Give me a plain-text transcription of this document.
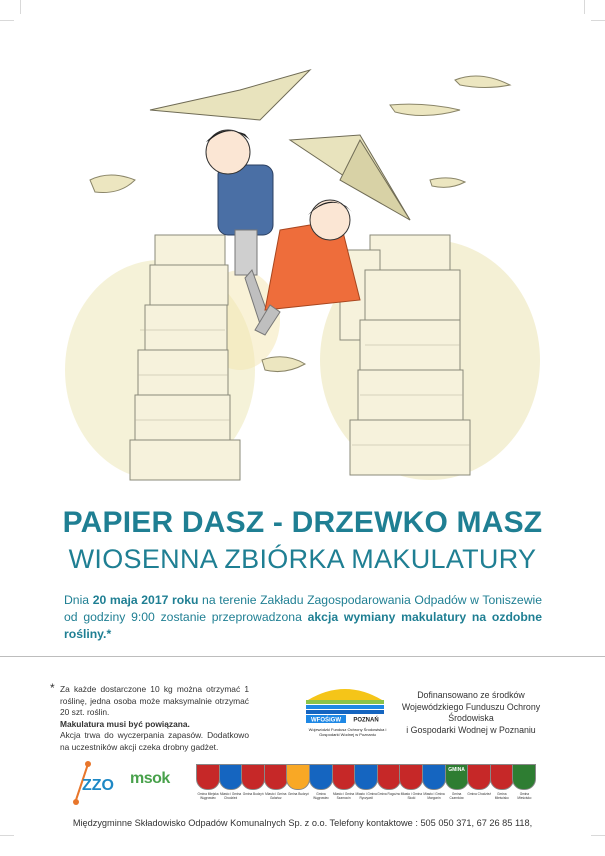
PAPIER DASZ - DRZEWKO MASZ
WIOSENNA ZBIÓRKA MAKULATURY
Dnia 20 maja 2017 roku na terenie Zakładu Zagospodarowania Odpadów w Toniszewie od godziny 9:00 zostanie przeprowadzona akcja wymiany makulatury na ozdobne rośliny.*
* Za każde dostarczone 10 kg można otrzymać 1 roślinę, jedna osoba może maksymalnie otrzymać 20 szt. roślin.

Makulatura musi być powiązana.

Akcja trwa do wyczerpania zapasów. Dodatkowo na uczestników akcji czeka drobny gadżet.

WFOŚiGW POZNAŃ
Wojewódzki Fundusz Ochrony Środowiska i Gospodarki Wodnej w Poznaniu
Dofinansowano ze środków
Wojewódzkiego Funduszu Ochrony Środowiska
i Gospodarki Wodnej w Poznaniu
ZZO msok
Gmina Miejska Wągrowiec
Miasto i Gmina Chodzież
Gmina Budzyń Miasto i Gmina Gołańcz
Gmina Budzyń	Gmina Wągrowiec
Miasto i Gmina Szamocin
Miasto i Gmina Ryczywół
Gmina Rogoźno Miasto i Gmina Skoki
Miasto i Gmina Margonin
GMINA
Gmina Czarnków
Gmina Chodzież	Gmina Mieścisko
Gmina Mieścisko
Międzygminne Składowisko Odpadów Komunalnych Sp. z o.o. Telefony kontaktowe : 505 050 371, 67 26 85 118,
